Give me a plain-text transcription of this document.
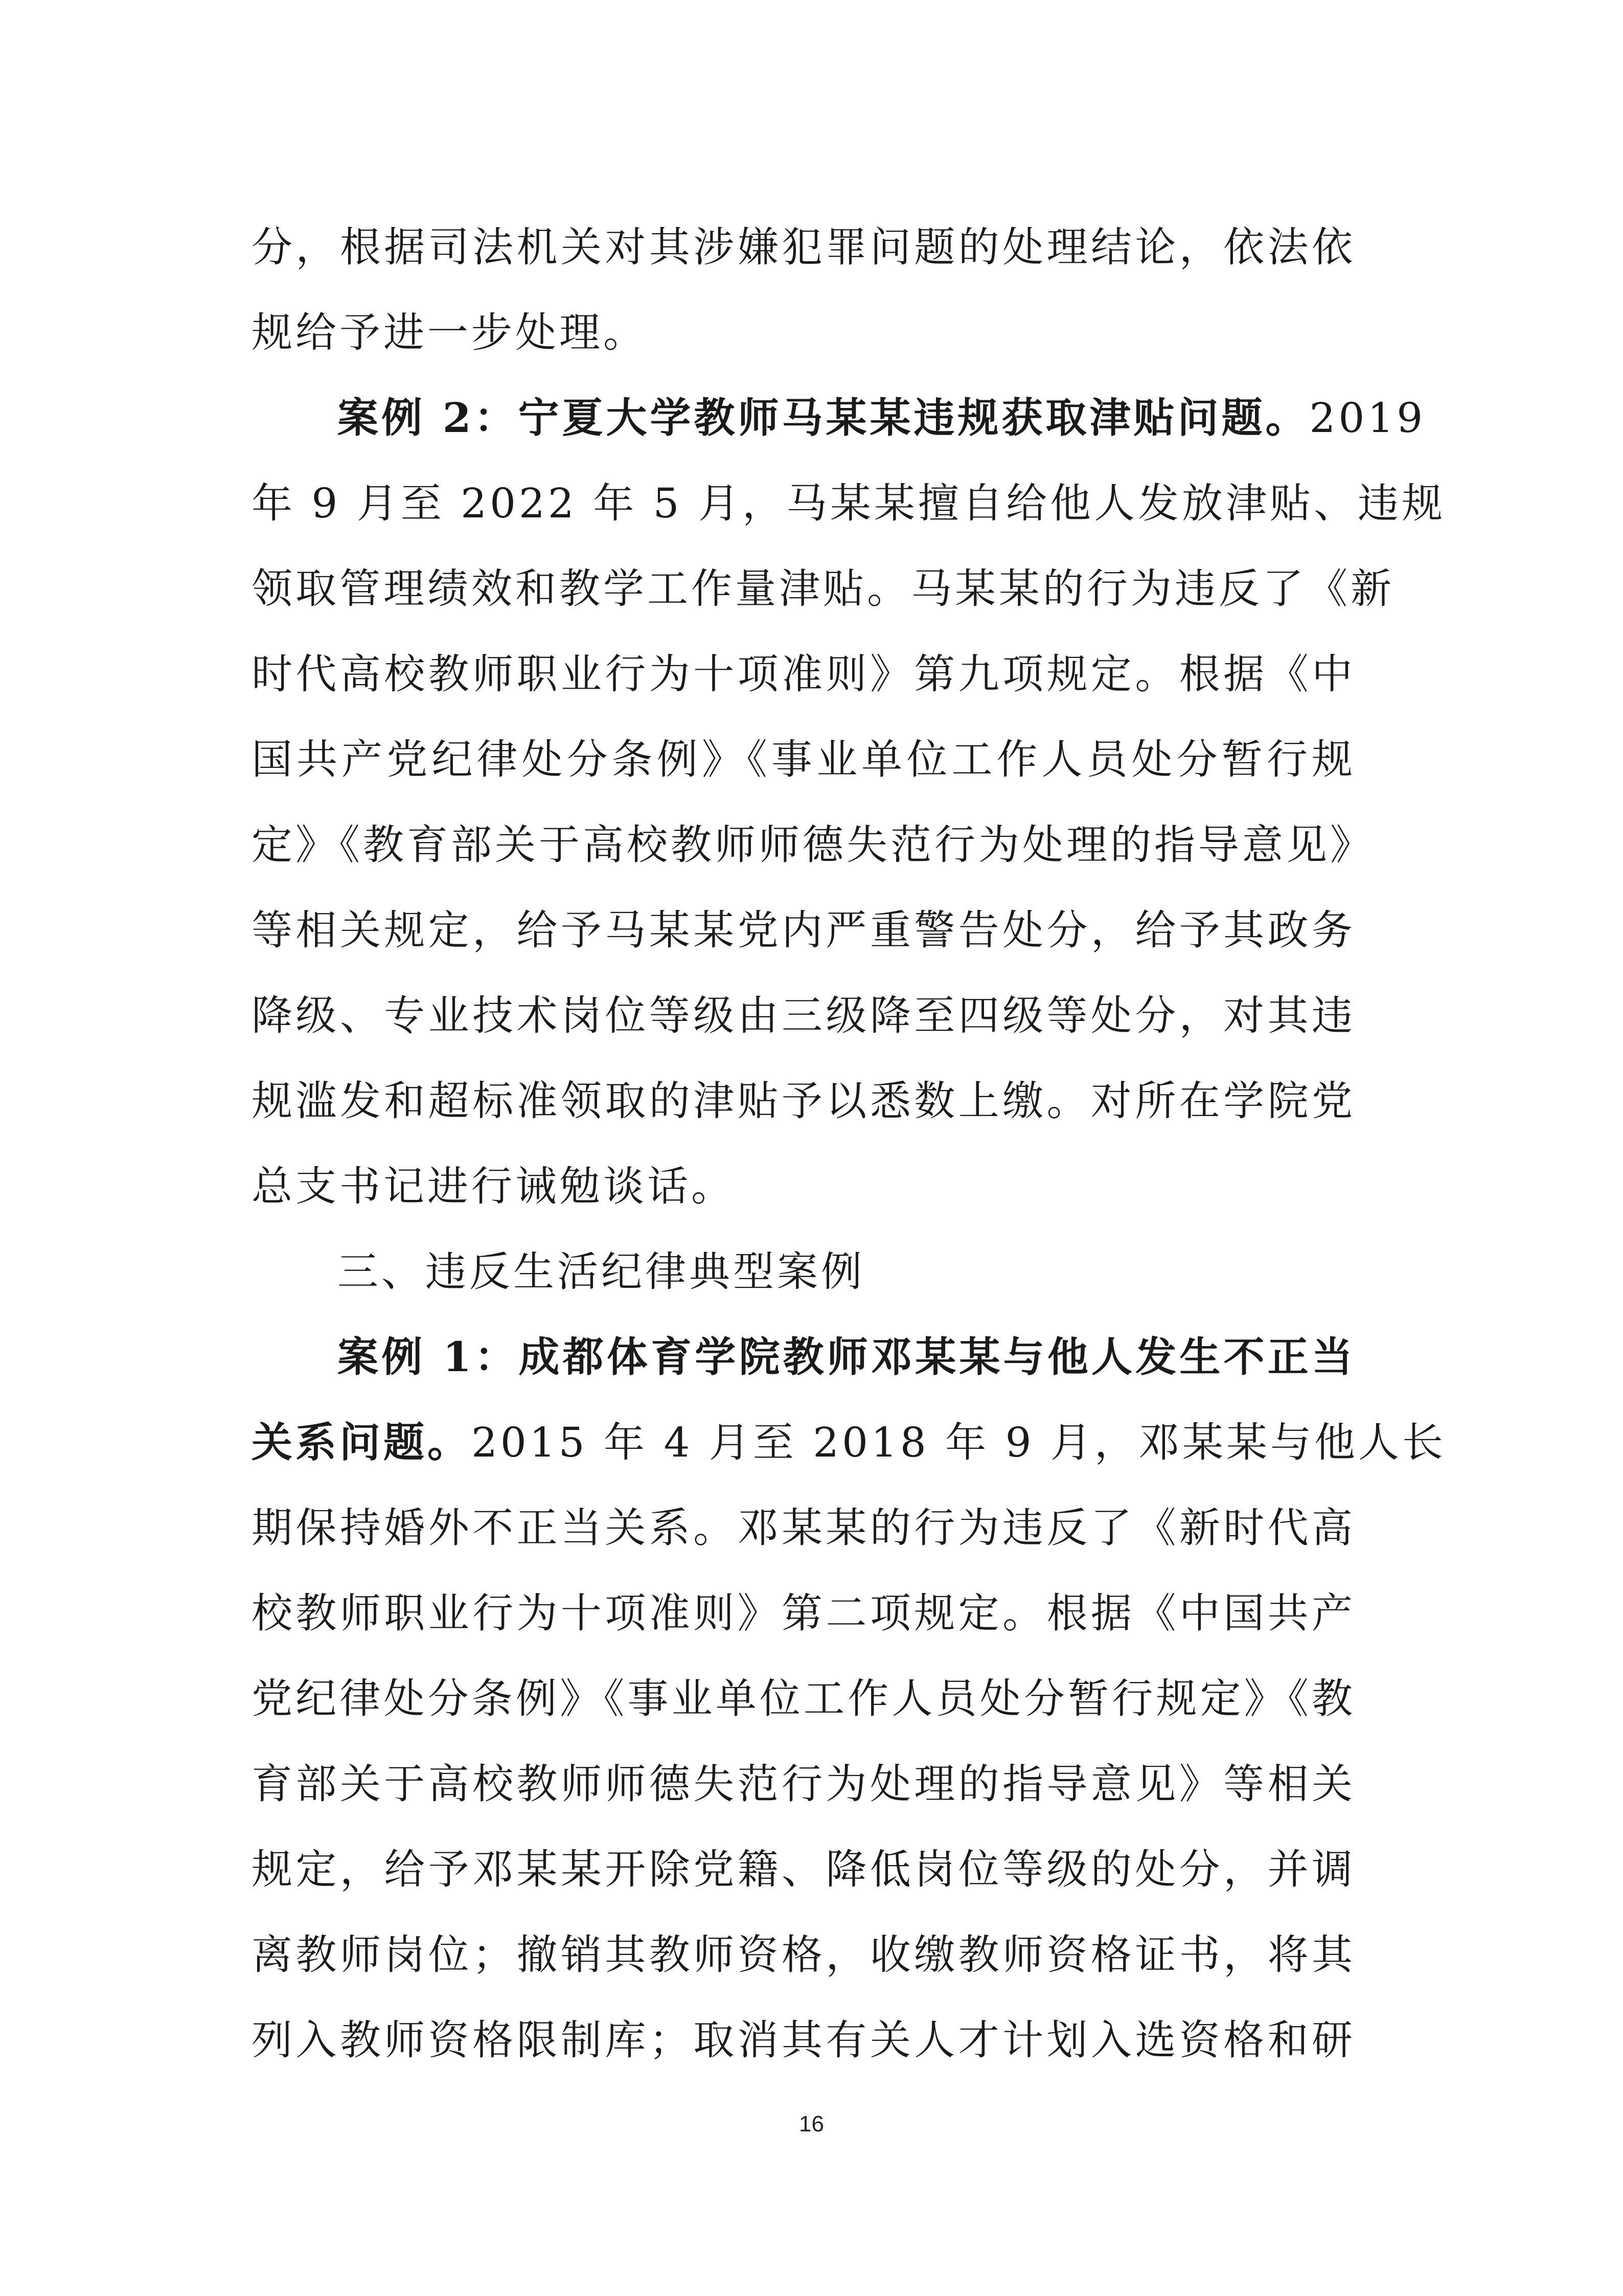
分，根据司法机关对其涉嫌犯罪问题的处理结论，依法依
规给予进一步处理。
案例 2：宁夏大学教师马某某违规获取津贴问题。2019
年 9 月至 2022 年 5 月，马某某擅自给他人发放津贴、违规
领取管理绩效和教学工作量津贴。马某某的行为违反了《新
时代高校教师职业行为十项准则》第九项规定。根据《中
国共产党纪律处分条例》《事业单位工作人员处分暂行规
定》《教育部关于高校教师师德失范行为处理的指导意见》
等相关规定，给予马某某党内严重警告处分，给予其政务
降级、专业技术岗位等级由三级降至四级等处分，对其违
规滥发和超标准领取的津贴予以悉数上缴。对所在学院党
总支书记进行诫勉谈话。
三、违反生活纪律典型案例
案例 1：成都体育学院教师邓某某与他人发生不正当
关系问题。2015 年 4 月至 2018 年 9 月，邓某某与他人长
期保持婚外不正当关系。邓某某的行为违反了《新时代高
校教师职业行为十项准则》第二项规定。根据《中国共产
党纪律处分条例》《事业单位工作人员处分暂行规定》《教
育部关于高校教师师德失范行为处理的指导意见》等相关
规定，给予邓某某开除党籍、降低岗位等级的处分，并调
离教师岗位；撤销其教师资格，收缴教师资格证书，将其
列入教师资格限制库；取消其有关人才计划入选资格和研
16
